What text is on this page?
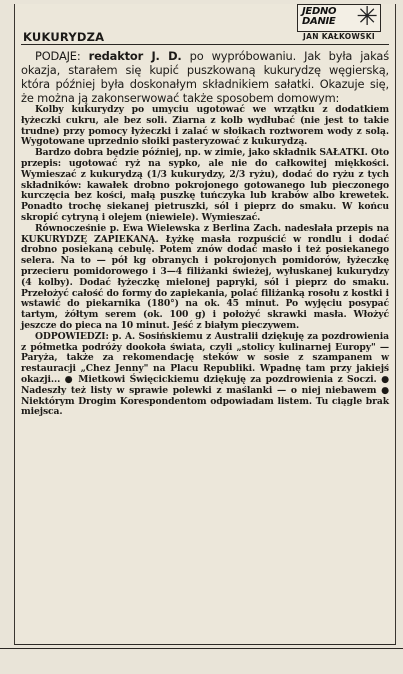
JEDNO
DANIE ✳
JAN KAŁKOWSKI
KUKURYDZA

PODAJE: redaktor J. D. po wypróbowaniu. Jak była jakaś okazja, starałem się kupić puszkowaną kukurydzę węgierską, która później była doskonałym składnikiem sałatki. Okazuje się, że można ją zakonserwować także sposobem domowym:

Kolby kukurydzy po umyciu ugotować we wrzątku z dodatkiem łyżeczki cukru, ale bez soli. Ziarna z kolb wydłubać (nie jest to takie trudne) przy pomocy łyżeczki i zalać w słoikach roztworem wody z solą. Wygotowane uprzednio słoiki pasteryzować z kukurydzą.

Bardzo dobra będzie później, np. w zimie, jako składnik SAŁATKI. Oto przepis: ugotować ryż na sypko, ale nie do całkowitej miękkości. Wymieszać z kukurydzą (1/3 kukurydzy, 2/3 ryżu), dodać do ryżu z tych składników: kawałek drobno pokrojonego gotowanego lub pieczonego kurczęcia bez kości, małą puszkę tuńczyka lub krabów albo krewetek. Ponadto trochę siekanej pietruszki, sól i pieprz do smaku. W końcu skropić cytryną i olejem (niewiele). Wymieszać.

Równocześnie p. Ewa Wielewska z Berlina Zach. nadesłała przepis na KUKURYDZĘ ZAPIEKANĄ. Łyżkę masła rozpuścić w rondlu i dodać drobno posiekaną cebulę. Potem znów dodać masło i też posiekanego selera. Na to — pół kg obranych i pokrojonych pomidorów, łyżeczkę przecieru pomidorowego i 3—4 filiżanki świeżej, wyłuskanej kukurydzy (4 kolby). Dodać łyżeczkę mielonej papryki, sól i pieprz do smaku. Przełożyć całość do formy do zapiekania, polać filiżanką rosołu z kostki i wstawić do piekarnika (180°) na ok. 45 minut. Po wyjęciu posypać tartym, żółtym serem (ok. 100 g) i położyć skrawki masła. Włożyć jeszcze do pieca na 10 minut. Jeść z białym pieczywem.

ODPOWIEDZI: p. A. Sosińskiemu z Australii dziękuję za pozdrowienia z półmetka podróży dookoła świata, czyli „stolicy kulinarnej Europy" — Paryża, także za rekomendację steków w sosie z szampanem w restauracji „Chez Jenny" na Placu Republiki. Wpadnę tam przy jakiejś okazji... ● Mietkowi Święcickiemu dziękuję za pozdrowienia z Soczi. ● Nadeszły też listy w sprawie polewki z maślanki — o niej niebawem ● Niektórym Drogim Korespondentom odpowiadam listem. Tu ciągle brak miejsca.
